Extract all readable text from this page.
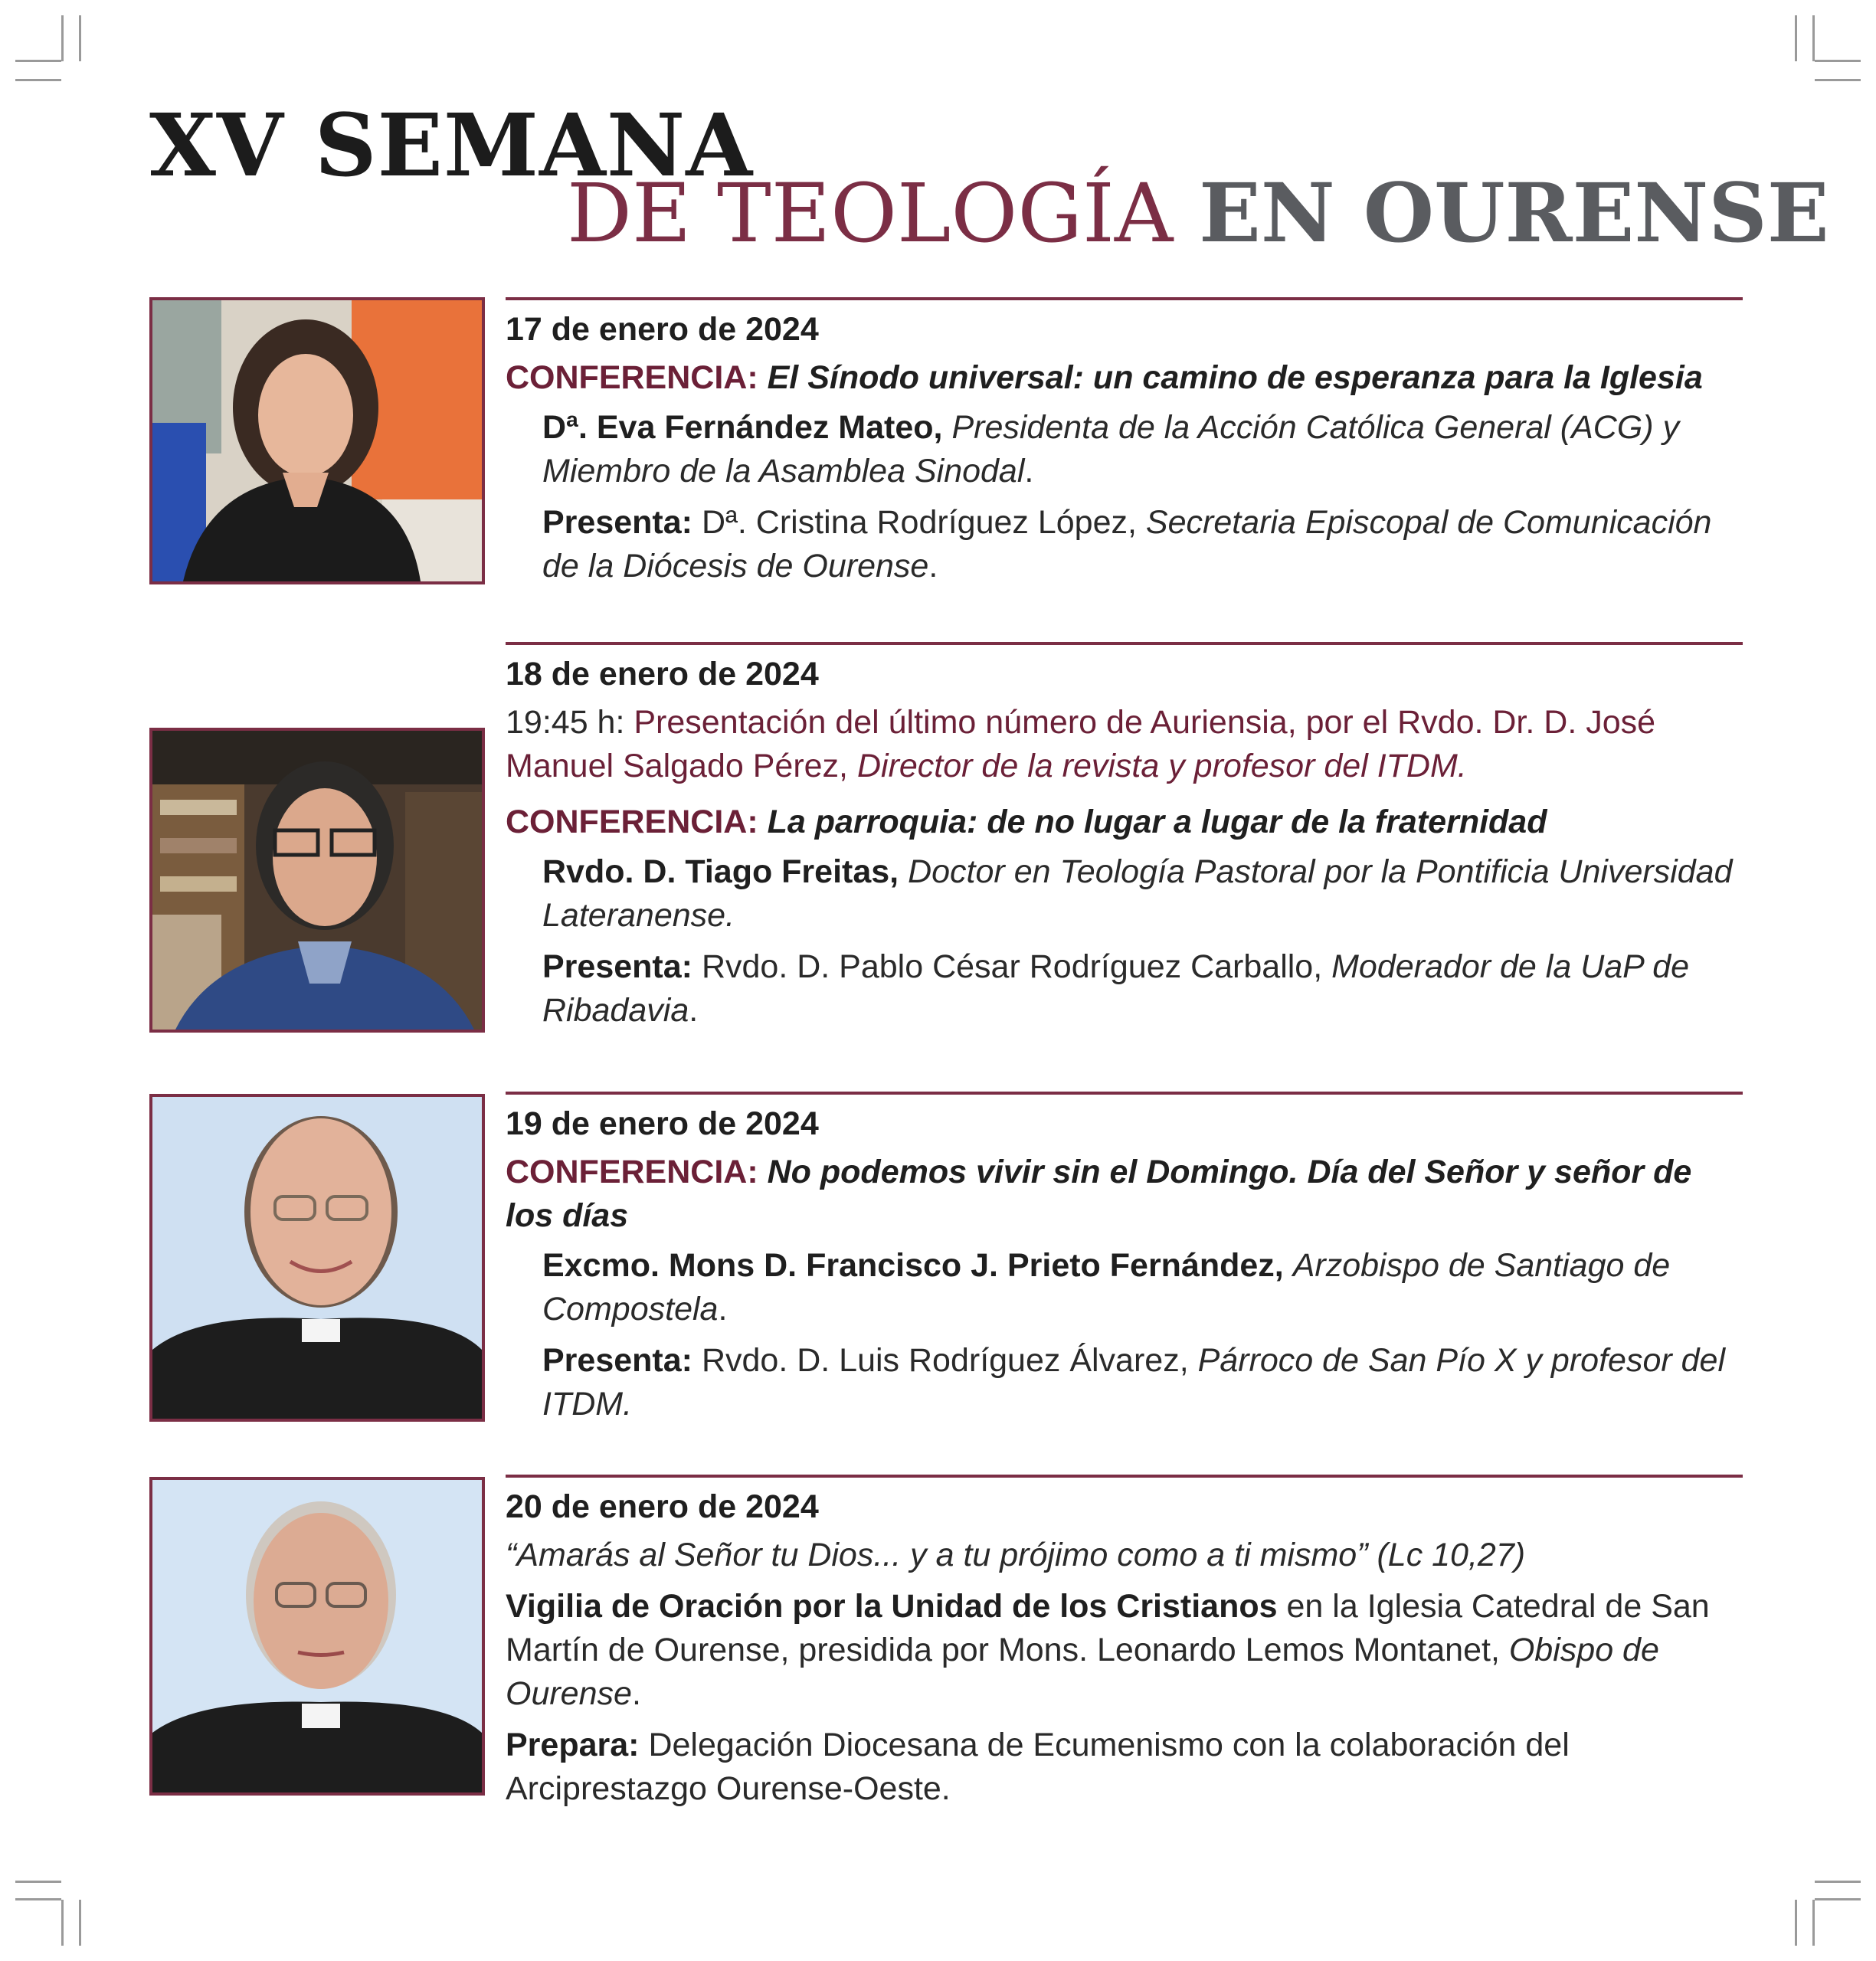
XV SEMANA
DE TEOLOGÍA EN OURENSE
17 de enero de 2024
CONFERENCIA: El Sínodo universal: un camino de esperanza para la Iglesia
Dª. Eva Fernández Mateo, Presidenta de la Acción Católica General (ACG) y Miembro de la Asamblea Sinodal.
Presenta: Dª. Cristina Rodríguez López, Secretaria Episcopal de Comunicación de la Diócesis de Ourense.
18 de enero de 2024
19:45 h: Presentación del último número de Auriensia, por el Rvdo. Dr. D. José Manuel Salgado Pérez, Director de la revista y profesor del ITDM.
CONFERENCIA: La parroquia: de no lugar a lugar de la fraternidad
Rvdo. D. Tiago Freitas, Doctor en Teología Pastoral por la Pontificia Universidad Lateranense.
Presenta: Rvdo. D. Pablo César Rodríguez Carballo, Moderador de la UaP de Ribadavia.
19 de enero de 2024
CONFERENCIA: No podemos vivir sin el Domingo. Día del Señor y señor de los días
Excmo. Mons D. Francisco J. Prieto Fernández, Arzobispo de Santiago de Compostela.
Presenta: Rvdo. D. Luis Rodríguez Álvarez, Párroco de San Pío X y profesor del ITDM.
20 de enero de 2024
“Amarás al Señor tu Dios... y a tu prójimo como a ti mismo” (Lc 10,27)
Vigilia de Oración por la Unidad de los Cristianos en la Iglesia Catedral de San Martín de Ourense, presidida por Mons. Leonardo Lemos Montanet, Obispo de Ourense.
Prepara: Delegación Diocesana de Ecumenismo con la colaboración del Arciprestazgo Ourense-Oeste.
